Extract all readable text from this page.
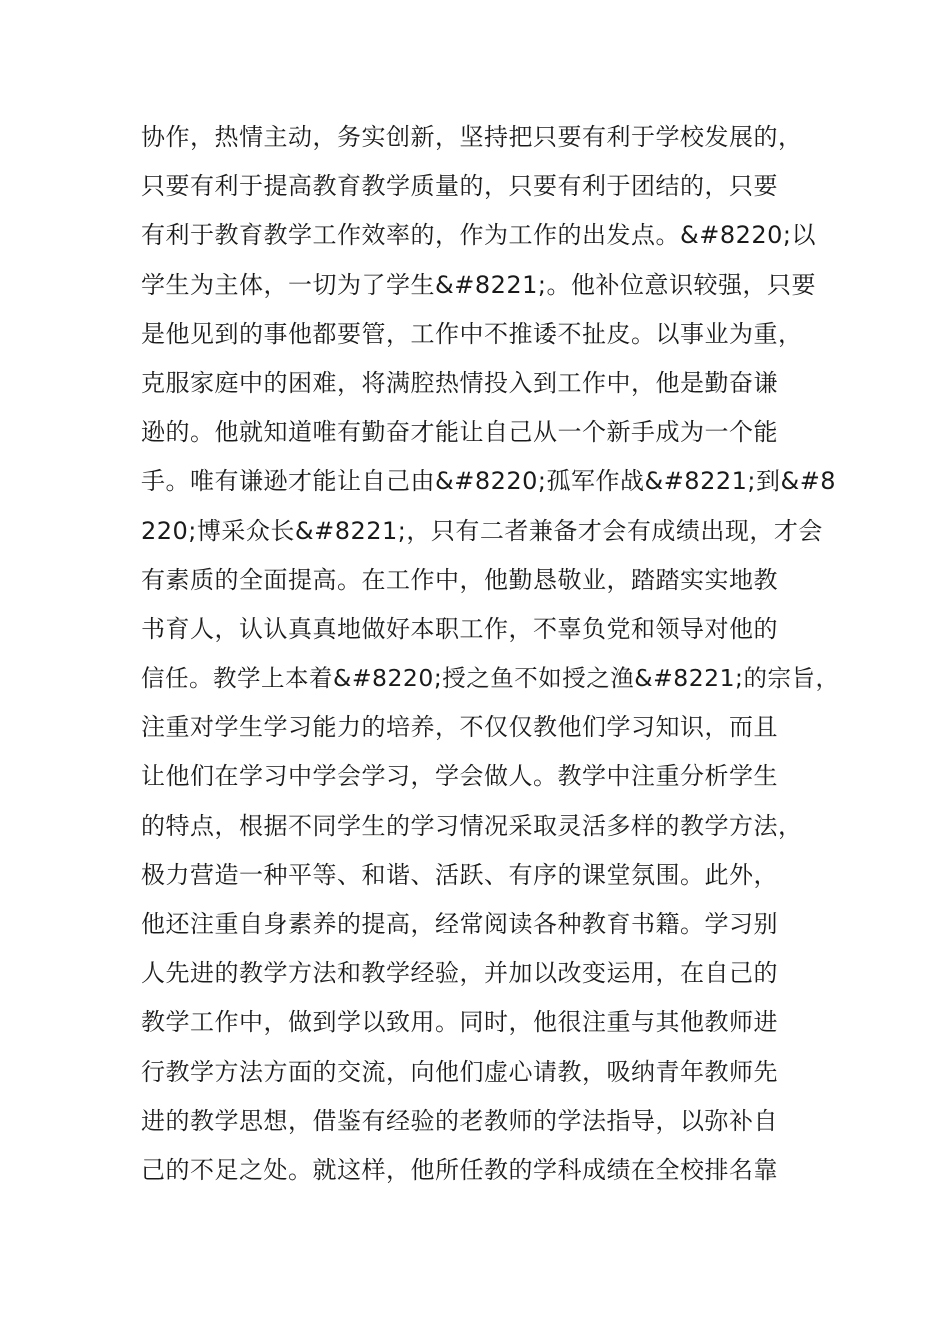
协作，热情主动，务实创新，坚持把只要有利于学校发展的，
只要有利于提高教育教学质量的，只要有利于团结的，只要
有利于教育教学工作效率的，作为工作的出发点。&#8220;以
学生为主体，一切为了学生&#8221;。他补位意识较强，只要
是他见到的事他都要管，工作中不推诿不扯皮。以事业为重，
克服家庭中的困难，将满腔热情投入到工作中，他是勤奋谦
逊的。他就知道唯有勤奋才能让自己从一个新手成为一个能
手。唯有谦逊才能让自己由&#8220;孤军作战&#8221;到&#8
220;博采众长&#8221;，只有二者兼备才会有成绩出现，才会
有素质的全面提高。在工作中，他勤恳敬业，踏踏实实地教
书育人，认认真真地做好本职工作，不辜负党和领导对他的
信任。教学上本着&#8220;授之鱼不如授之渔&#8221;的宗旨，
注重对学生学习能力的培养，不仅仅教他们学习知识，而且
让他们在学习中学会学习，学会做人。教学中注重分析学生
的特点，根据不同学生的学习情况采取灵活多样的教学方法，
极力营造一种平等、和谐、活跃、有序的课堂氛围。此外，
他还注重自身素养的提高，经常阅读各种教育书籍。学习别
人先进的教学方法和教学经验，并加以改变运用，在自己的
教学工作中，做到学以致用。同时，他很注重与其他教师进
行教学方法方面的交流，向他们虚心请教，吸纳青年教师先
进的教学思想，借鉴有经验的老教师的学法指导，以弥补自
己的不足之处。就这样，他所任教的学科成绩在全校排名靠
